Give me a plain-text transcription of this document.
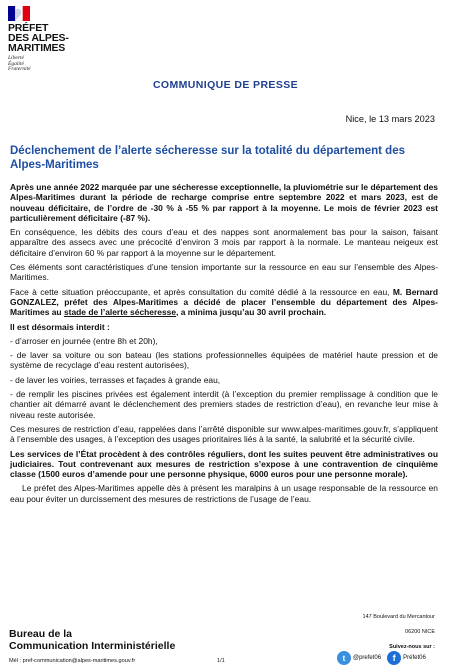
PRÉFET
DES ALPES-
MARITIMES
Liberté
Égalité
Fraternité
COMMUNIQUE DE PRESSE
Nice, le 13 mars 2023
Déclenchement de l’alerte sécheresse sur la totalité du département des Alpes-Maritimes

Après une année 2022 marquée par une sécheresse exceptionnelle, la pluviométrie sur le département des Alpes-Maritimes durant la période de recharge comprise entre septembre 2022 et mars 2023, est de nouveau déficitaire, de l’ordre de -30 % à -55 % par rapport à la moyenne. Le mois de février 2023 est particulièrement déficitaire (-87 %).

En conséquence, les débits des cours d’eau et des nappes sont anormalement bas pour la saison, faisant apparaître des assecs avec une précocité d’environ 3 mois par rapport à la normale. Le manteau neigeux est déficitaire d’environ 60 % par rapport à la moyenne sur le département.

Ces éléments sont caractéristiques d’une tension importante sur la ressource en eau sur l’ensemble des Alpes-Maritimes.

Face à cette situation préoccupante, et après consultation du comité dédié à la ressource en eau, M. Bernard GONZALEZ, préfet des Alpes-Maritimes a décidé de placer l’ensemble du département des Alpes-Maritimes au stade de l’alerte sécheresse, a minima jusqu’au 30 avril prochain.

Il est désormais interdit :

- d’arroser en journée (entre 8h et 20h),

- de laver sa voiture ou son bateau (les stations professionnelles équipées de matériel haute pression et de système de recyclage d’eau restent autorisées),

- de laver les voiries, terrasses et façades à grande eau,

- de remplir les piscines privées est également interdit (à l’exception du premier remplissage à condition que le chantier ait démarré avant le déclenchement des premiers stades de restriction d’eau), en revanche leur mise à niveau reste autorisée.

Ces mesures de restriction d’eau, rappelées dans l’arrêté disponible sur www.alpes-maritimes.gouv.fr, s’appliquent à l’ensemble des usages, à l’exception des usages prioritaires liés à la santé, la salubrité et la sécurité civile.

Les services de l’État procèdent à des contrôles réguliers, dont les suites peuvent être administratives ou judiciaires. Tout contrevenant aux mesures de restriction s’expose à une contravention de cinquième classe (1500 euros d’amende pour une personne physique, 6000 euros pour une personne morale).

Le préfet des Alpes-Maritimes appelle dès à présent les maralpins à un usage responsable de la ressource en eau pour éviter un durcissement des mesures de restrictions de l’usage de l’eau.

147 Boulevard du Mercantour
06200 NICE
Suivez-nous sur :
Bureau de la
Communication Interministérielle
Mél : pref-communication@alpes-maritimes.gouv.fr	1/1	t	@prefet06	f	Préfet06
